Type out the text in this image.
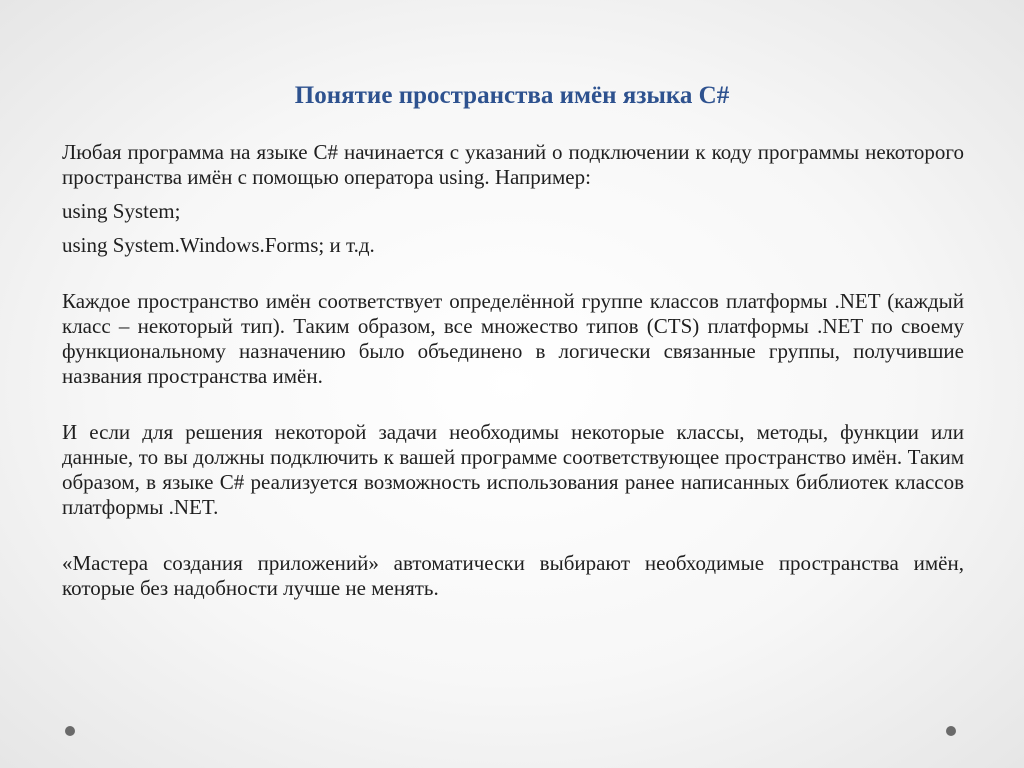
Понятие пространства имён языка C#

Любая программа на языке C# начинается с указаний о подключении к коду программы некоторого пространства имён с помощью оператора using. Например:

using System;

using System.Windows.Forms; и т.д.

Каждое пространство имён соответствует определённой группе классов платформы .NET (каждый класс – некоторый тип). Таким образом, все множество типов (CTS) платформы .NET по своему функциональному назначению было объединено в логически связанные группы, получившие названия пространства имён.

И если для решения некоторой задачи необходимы некоторые классы, методы, функции или данные, то вы должны подключить к вашей программе соответствующее пространство имён. Таким образом, в языке C# реализуется возможность использования ранее написанных библиотек классов платформы .NET.

«Мастера создания приложений» автоматически выбирают необходимые пространства имён, которые без надобности лучше не менять.
